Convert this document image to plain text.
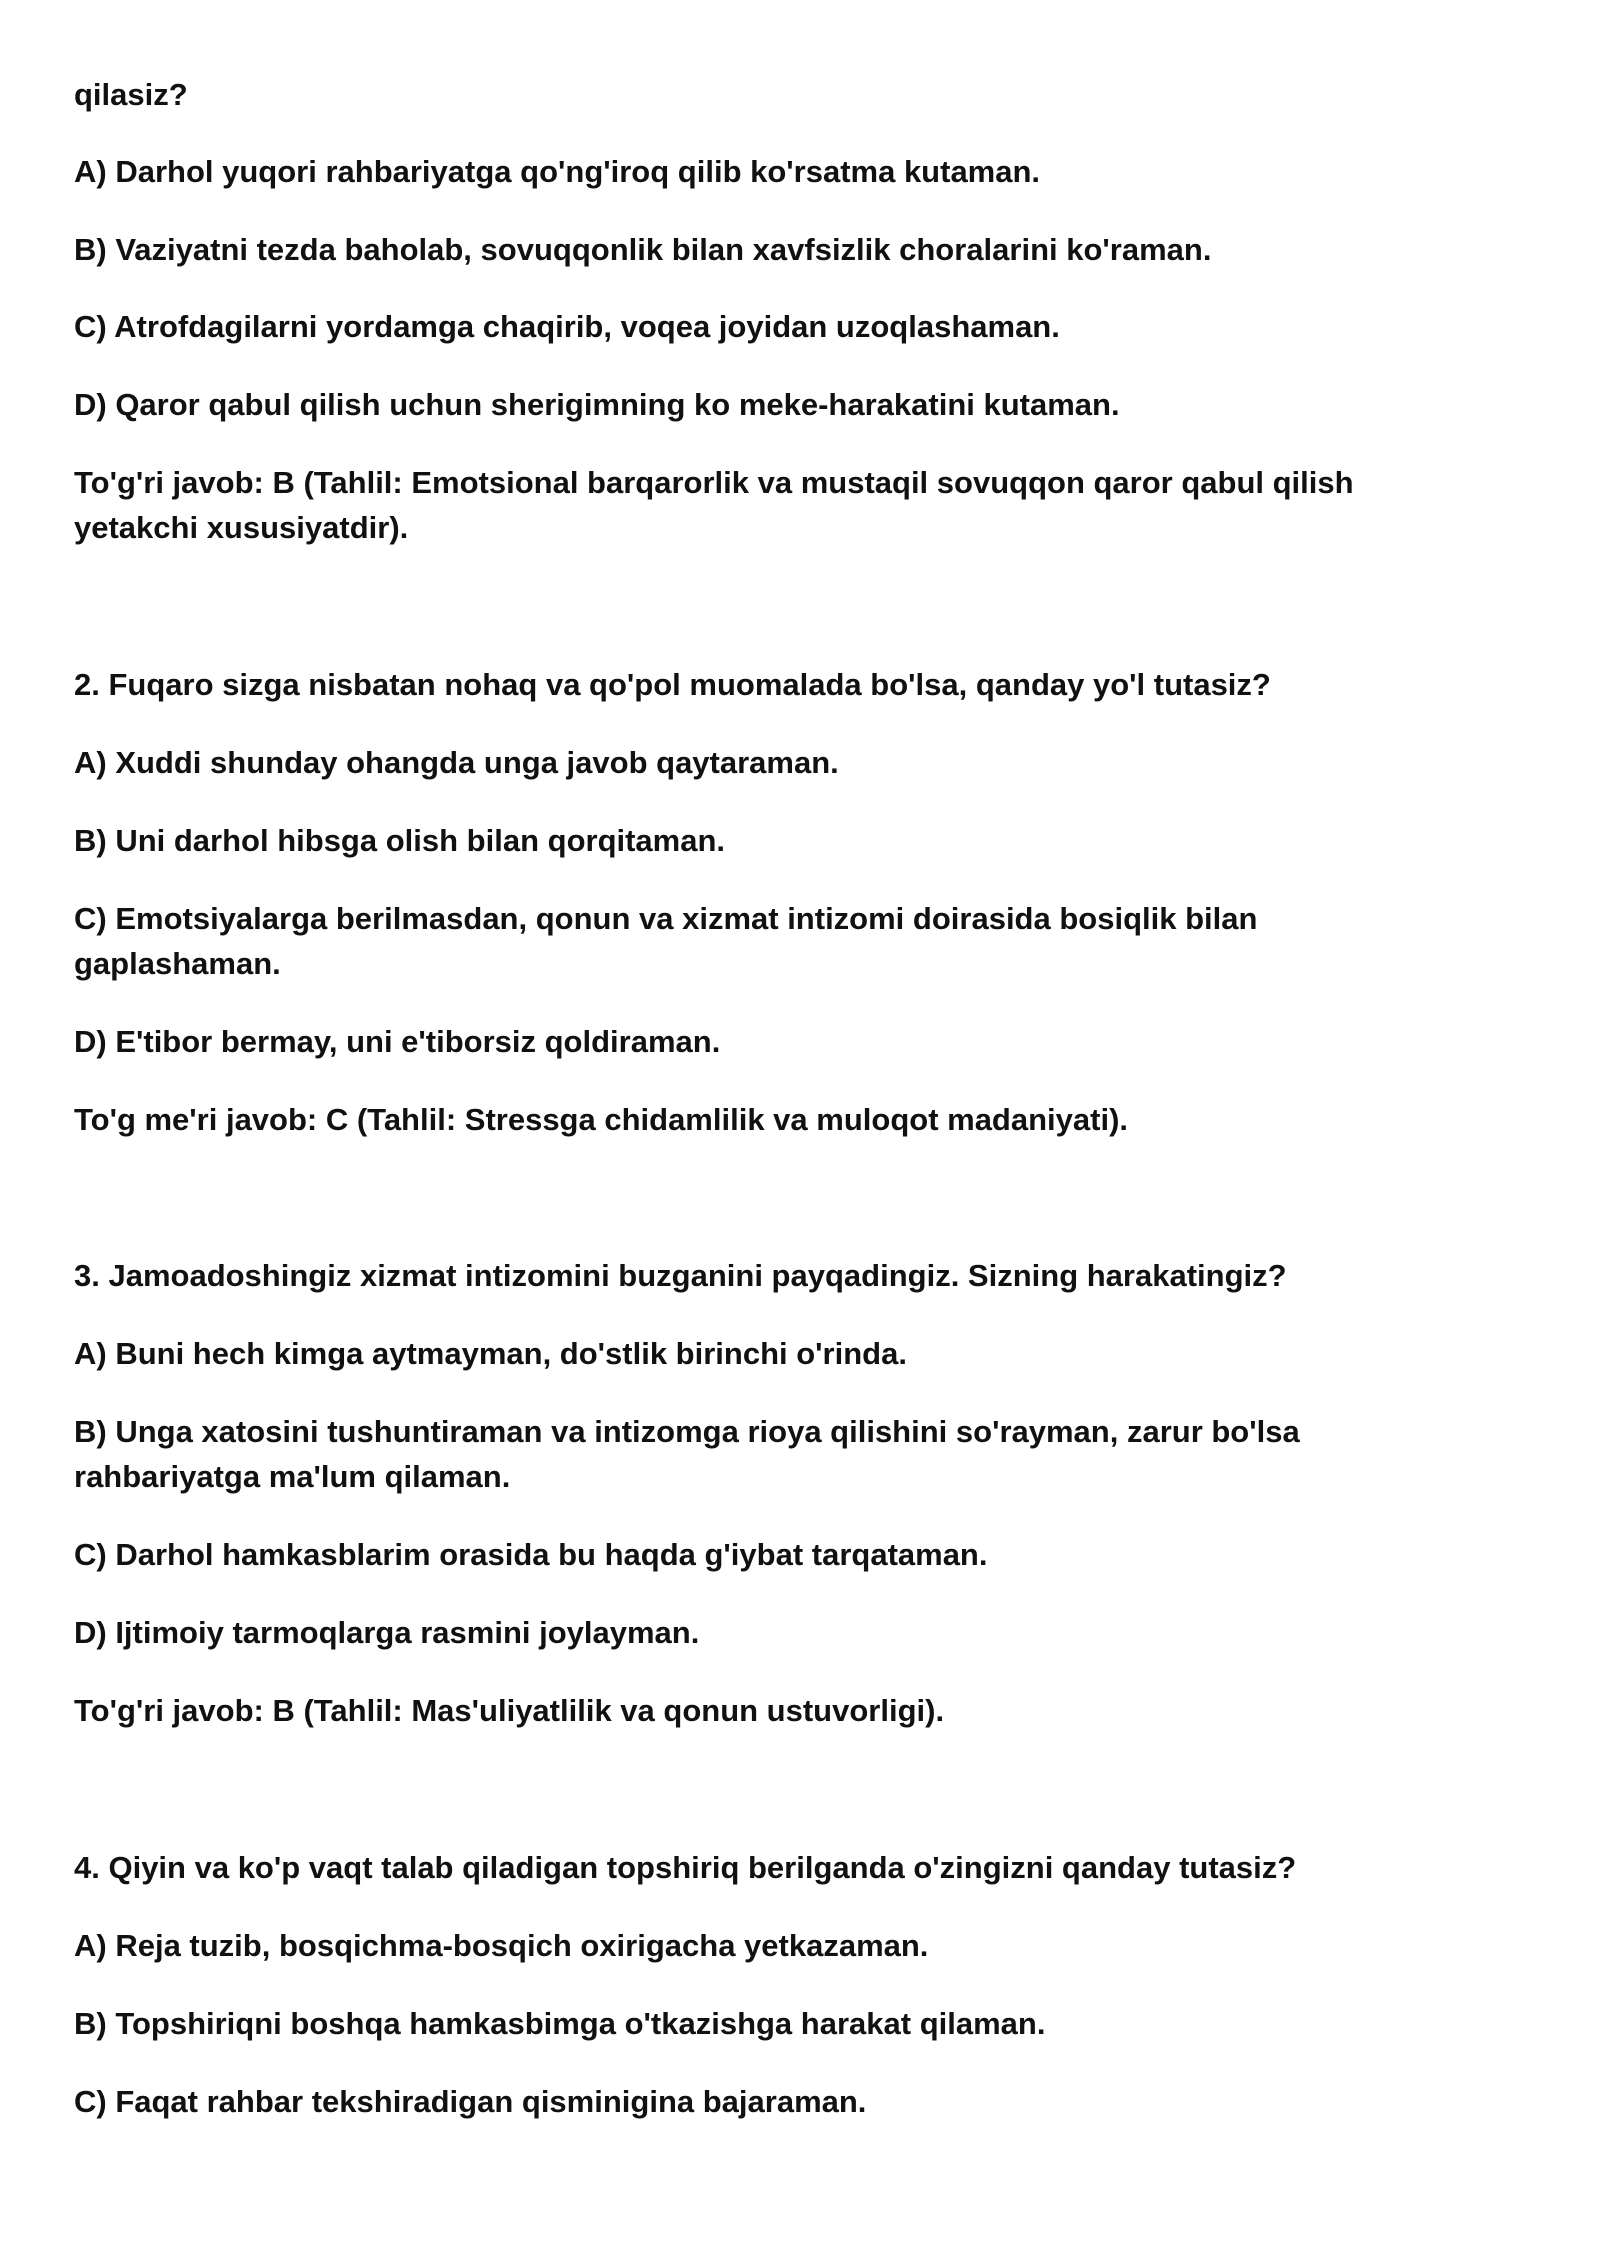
qilasiz?
A) Darhol yuqori rahbariyatga qo'ng'iroq qilib ko'rsatma kutaman.
B) Vaziyatni tezda baholab, sovuqqonlik bilan xavfsizlik choralarini ko'raman.
C) Atrofdagilarni yordamga chaqirib, voqea joyidan uzoqlashaman.
D) Qaror qabul qilish uchun sherigimning ko meke-harakatini kutaman.
To'g'ri javob: B (Tahlil: Emotsional barqarorlik va mustaqil sovuqqon qaror qabul qilish
yetakchi xususiyatdir).
2. Fuqaro sizga nisbatan nohaq va qo'pol muomalada bo'lsa, qanday yo'l tutasiz?
A) Xuddi shunday ohangda unga javob qaytaraman.
B) Uni darhol hibsga olish bilan qorqitaman.
C) Emotsiyalarga berilmasdan, qonun va xizmat intizomi doirasida bosiqlik bilan
gaplashaman.
D) E'tibor bermay, uni e'tiborsiz qoldiraman.
To'g me'ri javob: C (Tahlil: Stressga chidamlilik va muloqot madaniyati).
3. Jamoadoshingiz xizmat intizomini buzganini payqadingiz. Sizning harakatingiz?
A) Buni hech kimga aytmayman, do'stlik birinchi o'rinda.
B) Unga xatosini tushuntiraman va intizomga rioya qilishini so'rayman, zarur bo'lsa
rahbariyatga ma'lum qilaman.
C) Darhol hamkasblarim orasida bu haqda g'iybat tarqataman.
D) Ijtimoiy tarmoqlarga rasmini joylayman.
To'g'ri javob: B (Tahlil: Mas'uliyatlilik va qonun ustuvorligi).
4. Qiyin va ko'p vaqt talab qiladigan topshiriq berilganda o'zingizni qanday tutasiz?
A) Reja tuzib, bosqichma-bosqich oxirigacha yetkazaman.
B) Topshiriqni boshqa hamkasbimga o'tkazishga harakat qilaman.
C) Faqat rahbar tekshiradigan qisminigina bajaraman.
